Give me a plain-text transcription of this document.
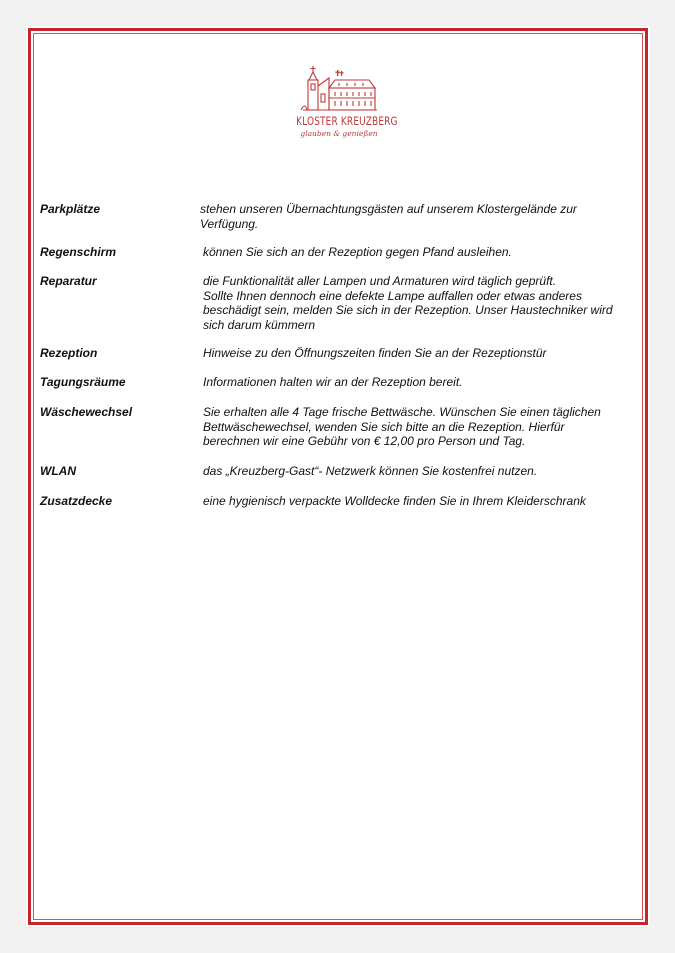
KLOSTER KREUZBERG
glauben & genießen
Parkplätze	stehen unseren Übernachtungsgästen auf unserem Klostergelände zur
Verfügung.
Regenschirm	können Sie sich an der Rezeption gegen Pfand ausleihen.
Reparatur	die Funktionalität aller Lampen und Armaturen wird täglich geprüft.
Sollte Ihnen dennoch eine defekte Lampe auffallen oder etwas anderes
beschädigt sein, melden Sie sich in der Rezeption. Unser Haustechniker wird
sich darum kümmern
Rezeption	Hinweise zu den Öffnungszeiten finden Sie an der Rezeptionstür
Tagungsräume	Informationen halten wir an der Rezeption bereit.
Wäschewechsel	Sie erhalten alle 4 Tage frische Bettwäsche. Wünschen Sie einen täglichen
Bettwäschewechsel, wenden Sie sich bitte an die Rezeption. Hierfür
berechnen wir eine Gebühr von € 12,00 pro Person und Tag.
WLAN	das „Kreuzberg-Gast“- Netzwerk können Sie kostenfrei nutzen.
Zusatzdecke	eine hygienisch verpackte Wolldecke finden Sie in Ihrem Kleiderschrank
